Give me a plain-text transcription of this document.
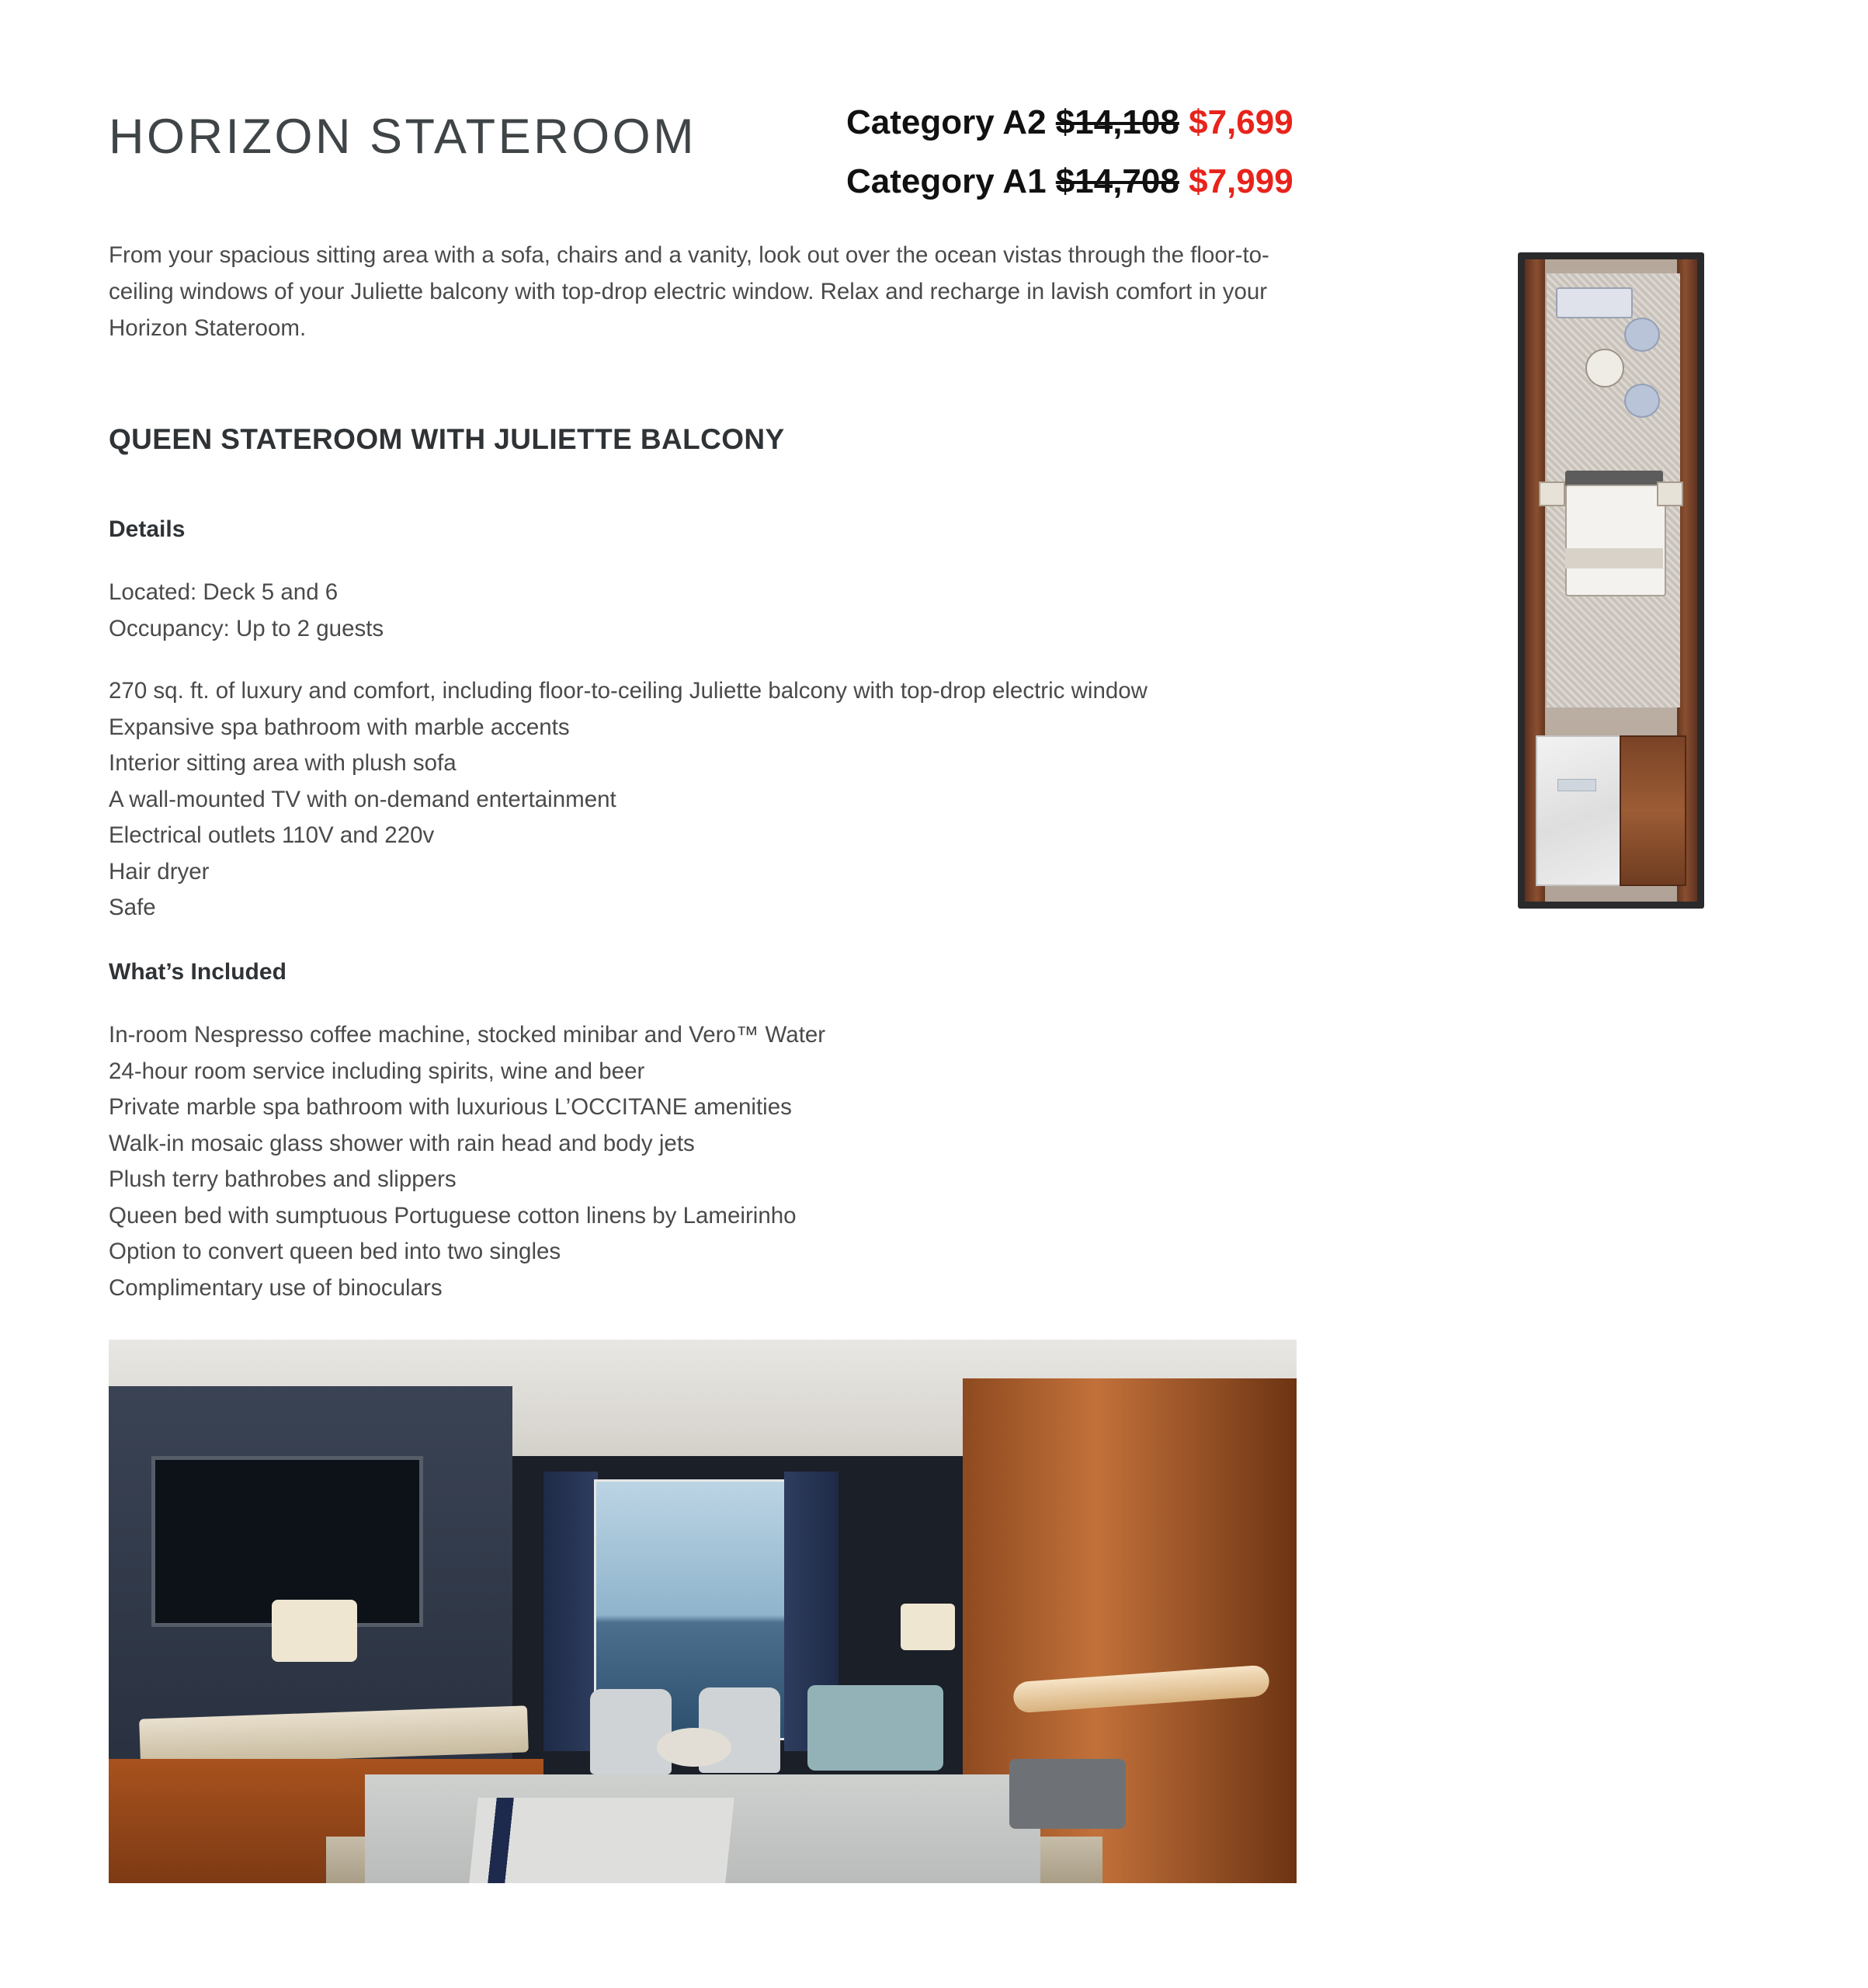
HORIZON STATEROOM	Category A2 $14,108 $7,699
Category A1 $14,708 $7,999
From your spacious sitting area with a sofa, chairs and a vanity, look out over the ocean vistas through the floor-to-ceiling windows of your Juliette balcony with top-drop electric window. Relax and recharge in lavish comfort in your Horizon Stateroom.
QUEEN STATEROOM WITH JULIETTE BALCONY
Details
Located: Deck 5 and 6
Occupancy: Up to 2 guests
270 sq. ft. of luxury and comfort, including floor-to-ceiling Juliette balcony with top-drop electric window
Expansive spa bathroom with marble accents
Interior sitting area with plush sofa
A wall-mounted TV with on-demand entertainment
Electrical outlets 110V and 220v
Hair dryer
Safe
What’s Included
In-room Nespresso coffee machine, stocked minibar and Vero™ Water
24-hour room service including spirits, wine and beer
Private marble spa bathroom with luxurious L’OCCITANE amenities
Walk-in mosaic glass shower with rain head and body jets
Plush terry bathrobes and slippers
Queen bed with sumptuous Portuguese cotton linens by Lameirinho
Option to convert queen bed into two singles
Complimentary use of binoculars
